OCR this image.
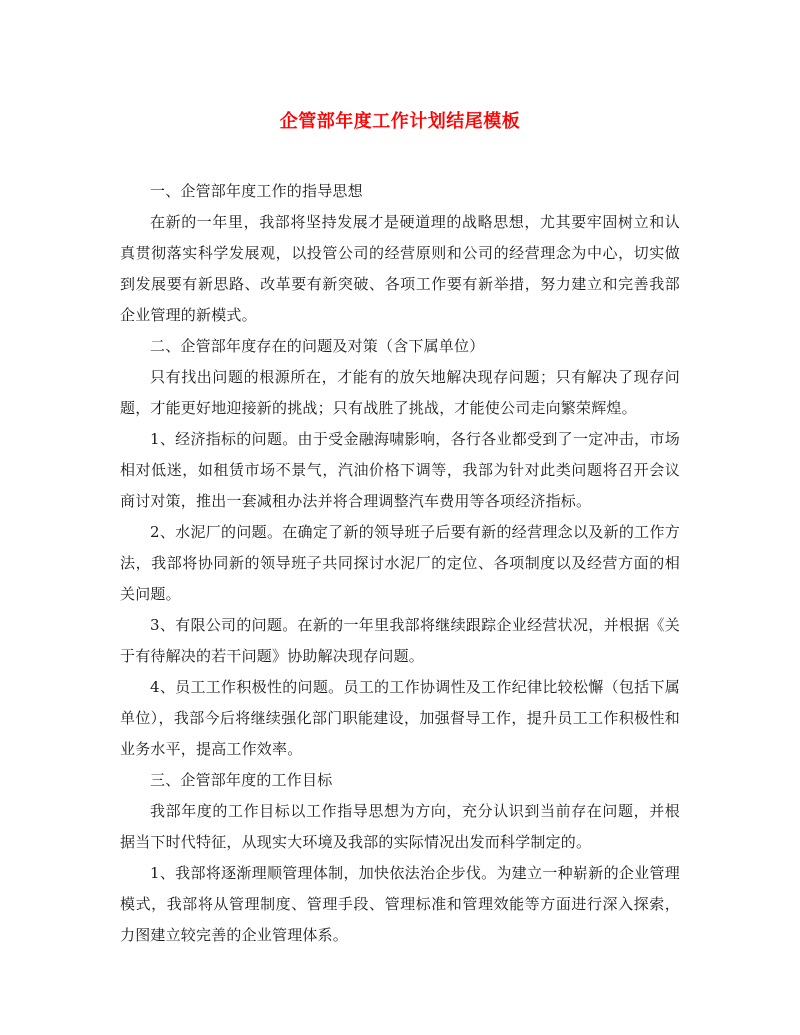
企管部年度工作计划结尾模板

一、企管部年度工作的指导思想

在新的一年里，我部将坚持发展才是硬道理的战略思想，尤其要牢固树立和认真贯彻落实科学发展观，以投管公司的经营原则和公司的经营理念为中心，切实做到发展要有新思路、改革要有新突破、各项工作要有新举措，努力建立和完善我部企业管理的新模式。

二、企管部年度存在的问题及对策（含下属单位）

只有找出问题的根源所在，才能有的放矢地解决现存问题；只有解决了现存问题，才能更好地迎接新的挑战；只有战胜了挑战，才能使公司走向繁荣辉煌。

1、经济指标的问题。由于受金融海啸影响，各行各业都受到了一定冲击，市场相对低迷，如租赁市场不景气，汽油价格下调等，我部为针对此类问题将召开会议商讨对策，推出一套减租办法并将合理调整汽车费用等各项经济指标。

2、水泥厂的问题。在确定了新的领导班子后要有新的经营理念以及新的工作方法，我部将协同新的领导班子共同探讨水泥厂的定位、各项制度以及经营方面的相关问题。

3、有限公司的问题。在新的一年里我部将继续跟踪企业经营状况，并根据《关于有待解决的若干问题》协助解决现存问题。

4、员工工作积极性的问题。员工的工作协调性及工作纪律比较松懈（包括下属单位），我部今后将继续强化部门职能建设，加强督导工作，提升员工工作积极性和业务水平，提高工作效率。

三、企管部年度的工作目标

我部年度的工作目标以工作指导思想为方向，充分认识到当前存在问题，并根据当下时代特征，从现实大环境及我部的实际情况出发而科学制定的。

1、我部将逐渐理顺管理体制，加快依法治企步伐。为建立一种崭新的企业管理模式，我部将从管理制度、管理手段、管理标准和管理效能等方面进行深入探索，力图建立较完善的企业管理体系。
